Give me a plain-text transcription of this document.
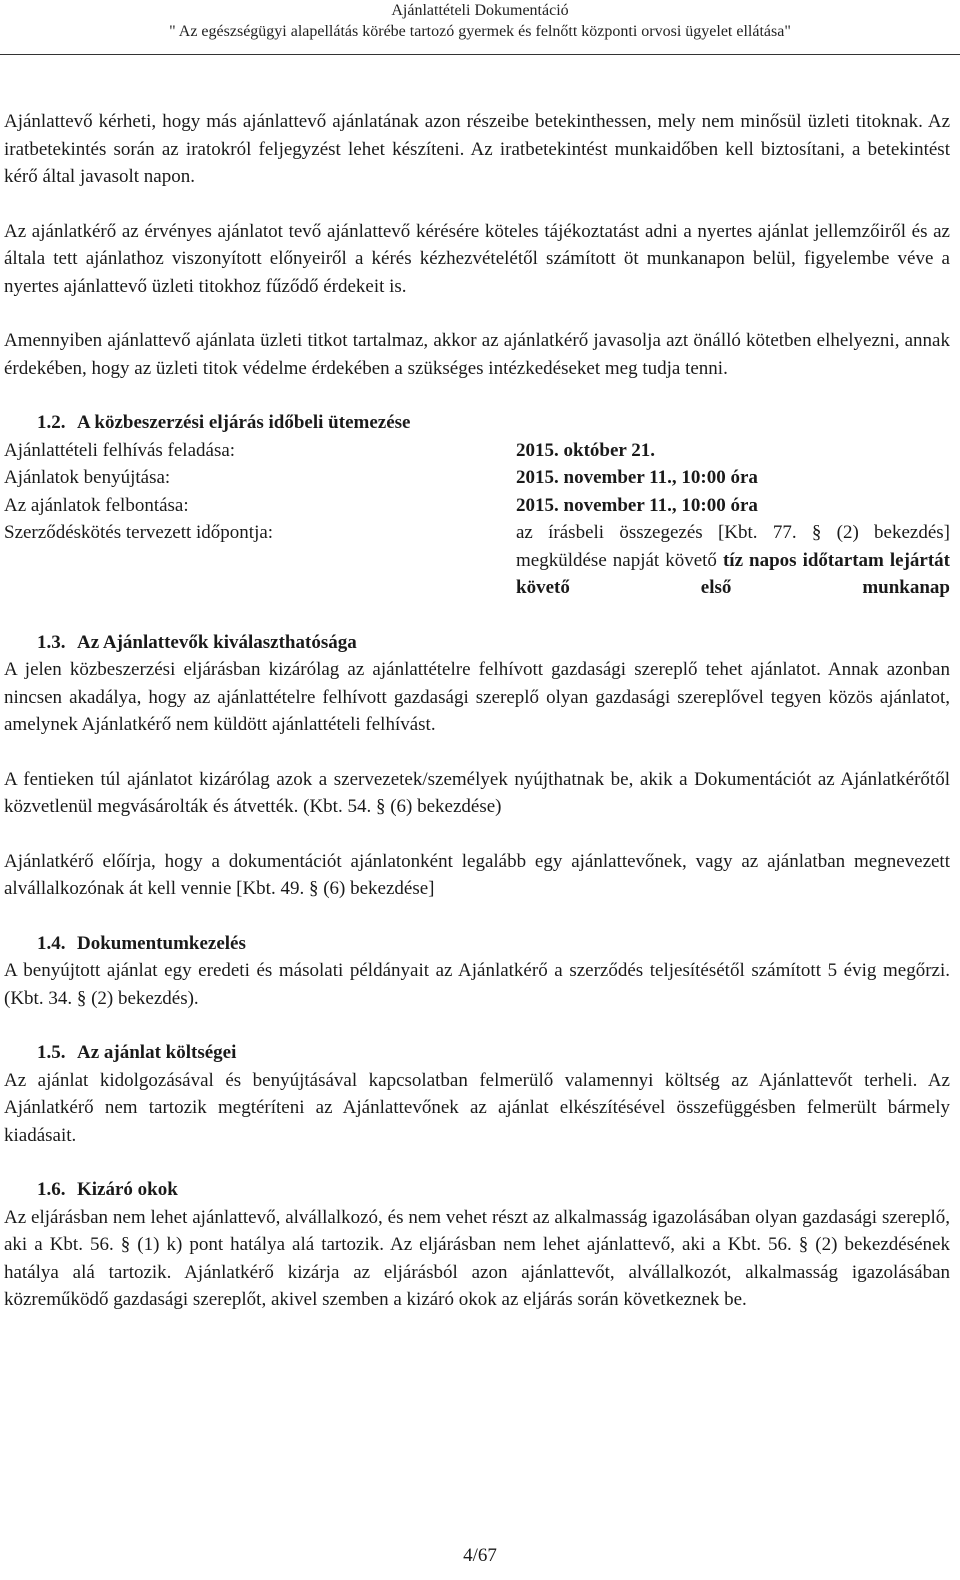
Ajánlattételi Dokumentáció
" Az egészségügyi alapellátás körébe tartozó gyermek és felnőtt központi orvosi ügyelet ellátása"

Ajánlattevő kérheti, hogy más ajánlattevő ajánlatának azon részeibe betekinthessen, mely nem minősül üzleti titoknak. Az iratbetekintés során az iratokról feljegyzést lehet készíteni. Az iratbetekintést munkaidőben kell biztosítani, a betekintést kérő által javasolt napon.

Az ajánlatkérő az érvényes ajánlatot tevő ajánlattevő kérésére köteles tájékoztatást adni a nyertes ajánlat jellemzőiről és az általa tett ajánlathoz viszonyított előnyeiről a kérés kézhezvételétől számított öt munkanapon belül, figyelembe véve a nyertes ajánlattevő üzleti titokhoz fűződő érdekeit is.

Amennyiben ajánlattevő ajánlata üzleti titkot tartalmaz, akkor az ajánlatkérő javasolja azt önálló kötetben elhelyezni, annak érdekében, hogy az üzleti titok védelme érdekében a szükséges intézkedéseket meg tudja tenni.

1.2. A közbeszerzési eljárás időbeli ütemezése

Ajánlattételi felhívás feladása:	2015. október 21.
Ajánlatok benyújtása:	2015. november 11., 10:00 óra
Az ajánlatok felbontása:	2015. november 11., 10:00 óra
Szerződéskötés tervezett időpontja:	az írásbeli összegezés [Kbt. 77. § (2) bekezdés] megküldése napját követő tíz napos időtartam lejártát követő első munkanap

1.3. Az Ajánlattevők kiválaszthatósága

A jelen közbeszerzési eljárásban kizárólag az ajánlattételre felhívott gazdasági szereplő tehet ajánlatot. Annak azonban nincsen akadálya, hogy az ajánlattételre felhívott gazdasági szereplő olyan gazdasági szereplővel tegyen közös ajánlatot, amelynek Ajánlatkérő nem küldött ajánlattételi felhívást.

A fentieken túl ajánlatot kizárólag azok a szervezetek/személyek nyújthatnak be, akik a Dokumentációt az Ajánlatkérőtől közvetlenül megvásárolták és átvették. (Kbt. 54. § (6) bekezdése)

Ajánlatkérő előírja, hogy a dokumentációt ajánlatonként legalább egy ajánlattevőnek, vagy az ajánlatban megnevezett alvállalkozónak át kell vennie [Kbt. 49. § (6) bekezdése]

1.4. Dokumentumkezelés

A benyújtott ajánlat egy eredeti és másolati példányait az Ajánlatkérő a szerződés teljesítésétől számított 5 évig megőrzi. (Kbt. 34. § (2) bekezdés).

1.5. Az ajánlat költségei

Az ajánlat kidolgozásával és benyújtásával kapcsolatban felmerülő valamennyi költség az Ajánlattevőt terheli. Az Ajánlatkérő nem tartozik megtéríteni az Ajánlattevőnek az ajánlat elkészítésével összefüggésben felmerült bármely kiadásait.

1.6. Kizáró okok

Az eljárásban nem lehet ajánlattevő, alvállalkozó, és nem vehet részt az alkalmasság igazolásában olyan gazdasági szereplő, aki a Kbt. 56. § (1) k) pont hatálya alá tartozik. Az eljárásban nem lehet ajánlattevő, aki a Kbt. 56. § (2) bekezdésének hatálya alá tartozik. Ajánlatkérő kizárja az eljárásból azon ajánlattevőt, alvállalkozót, alkalmasság igazolásában közreműködő gazdasági szereplőt, akivel szemben a kizáró okok az eljárás során következnek be.

4/67
